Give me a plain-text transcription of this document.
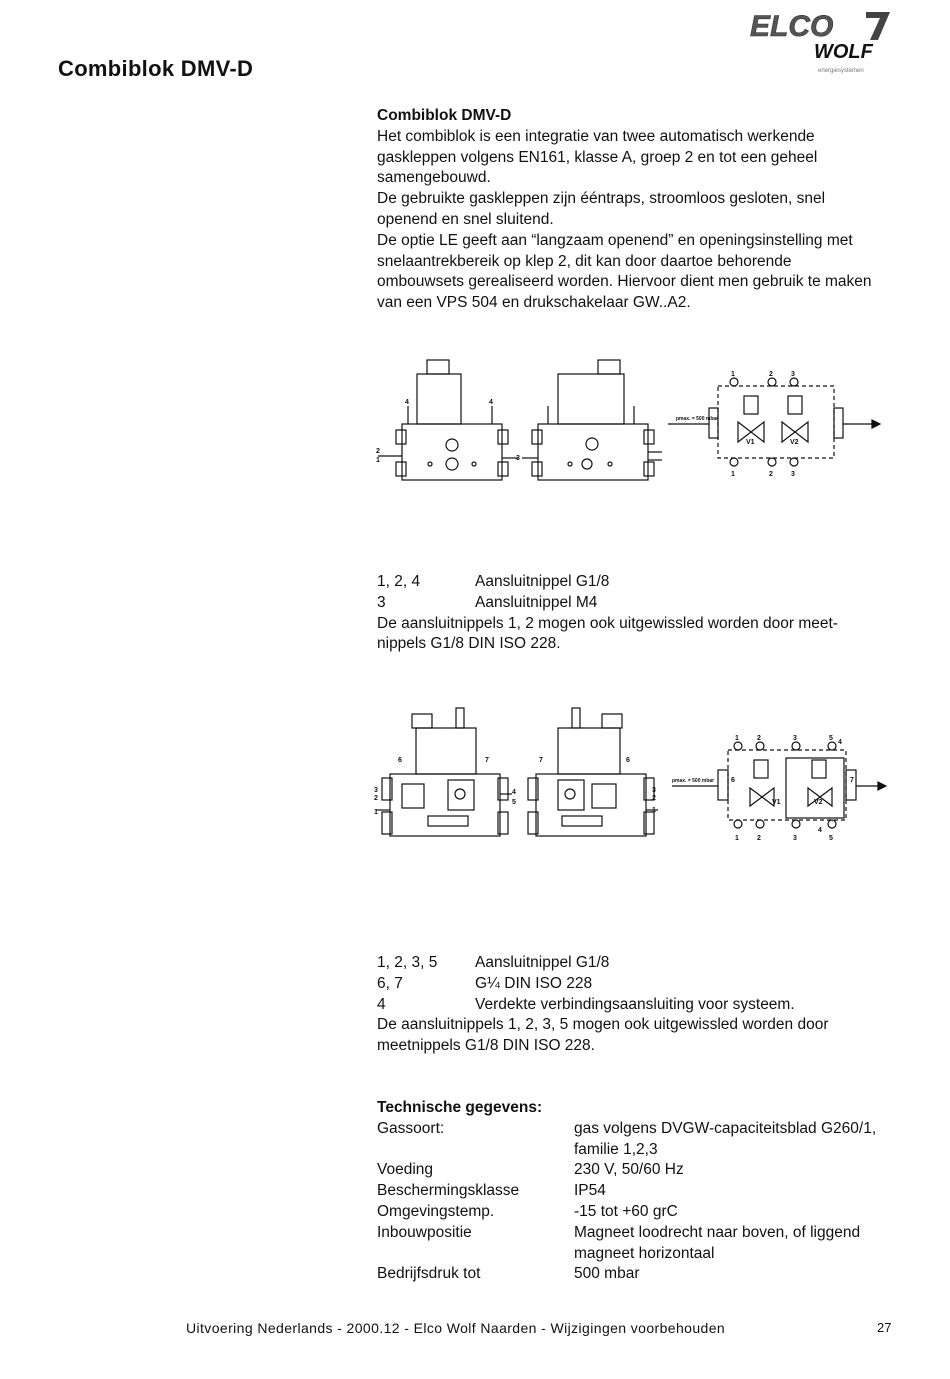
Combiblok DMV-D
ELCO
WOLF
energiesystemen
Combiblok DMV-D
Het combiblok is een integratie van twee automatisch werkende gaskleppen volgens EN161, klasse A, groep 2 en tot een geheel samengebouwd.
De gebruikte gaskleppen zijn ééntraps, stroomloos gesloten, snel openend en snel sluitend.
De optie LE geeft aan “langzaam openend” en openingsinstelling met snelaantrekbereik op klep 2, dit kan door daartoe behorende ombouwsets gerealiseerd worden. Hiervoor dient men gebruik te maken van een VPS 504 en drukschakelaar GW..A2.
pmax. = 500 mbar
V1	V2
1	2	3
1	2	3
4	4
2
1	3
1, 2, 4	Aansluitnippel G1/8
3	Aansluitnippel M4
De aansluitnippels 1, 2 mogen ook uitgewissled worden door meet-nippels G1/8 DIN ISO 228.
pmax. = 500 mbar
V1	V2
1	2	3	5
4
1	2	3	5
4
6	7
6	7	7	6
3
2
1
4
5
3
2
1
1, 2, 3, 5	Aansluitnippel G1/8
6, 7	G¼ DIN ISO 228
4	Verdekte verbindingsaansluiting voor systeem.
De aansluitnippels 1, 2, 3, 5 mogen ook uitgewissled worden door meetnippels G1/8 DIN ISO 228.
Technische gegevens:
Gassoort:	gas volgens DVGW-capaciteitsblad G260/1, familie 1,2,3
Voeding	230 V, 50/60 Hz
Beschermingsklasse	IP54
Omgevingstemp.	-15 tot +60 grC
Inbouwpositie	Magneet loodrecht naar boven, of liggend magneet horizontaal
Bedrijfsdruk tot	500 mbar
Uitvoering Nederlands - 2000.12 - Elco Wolf Naarden - Wijzigingen voorbehouden	27
